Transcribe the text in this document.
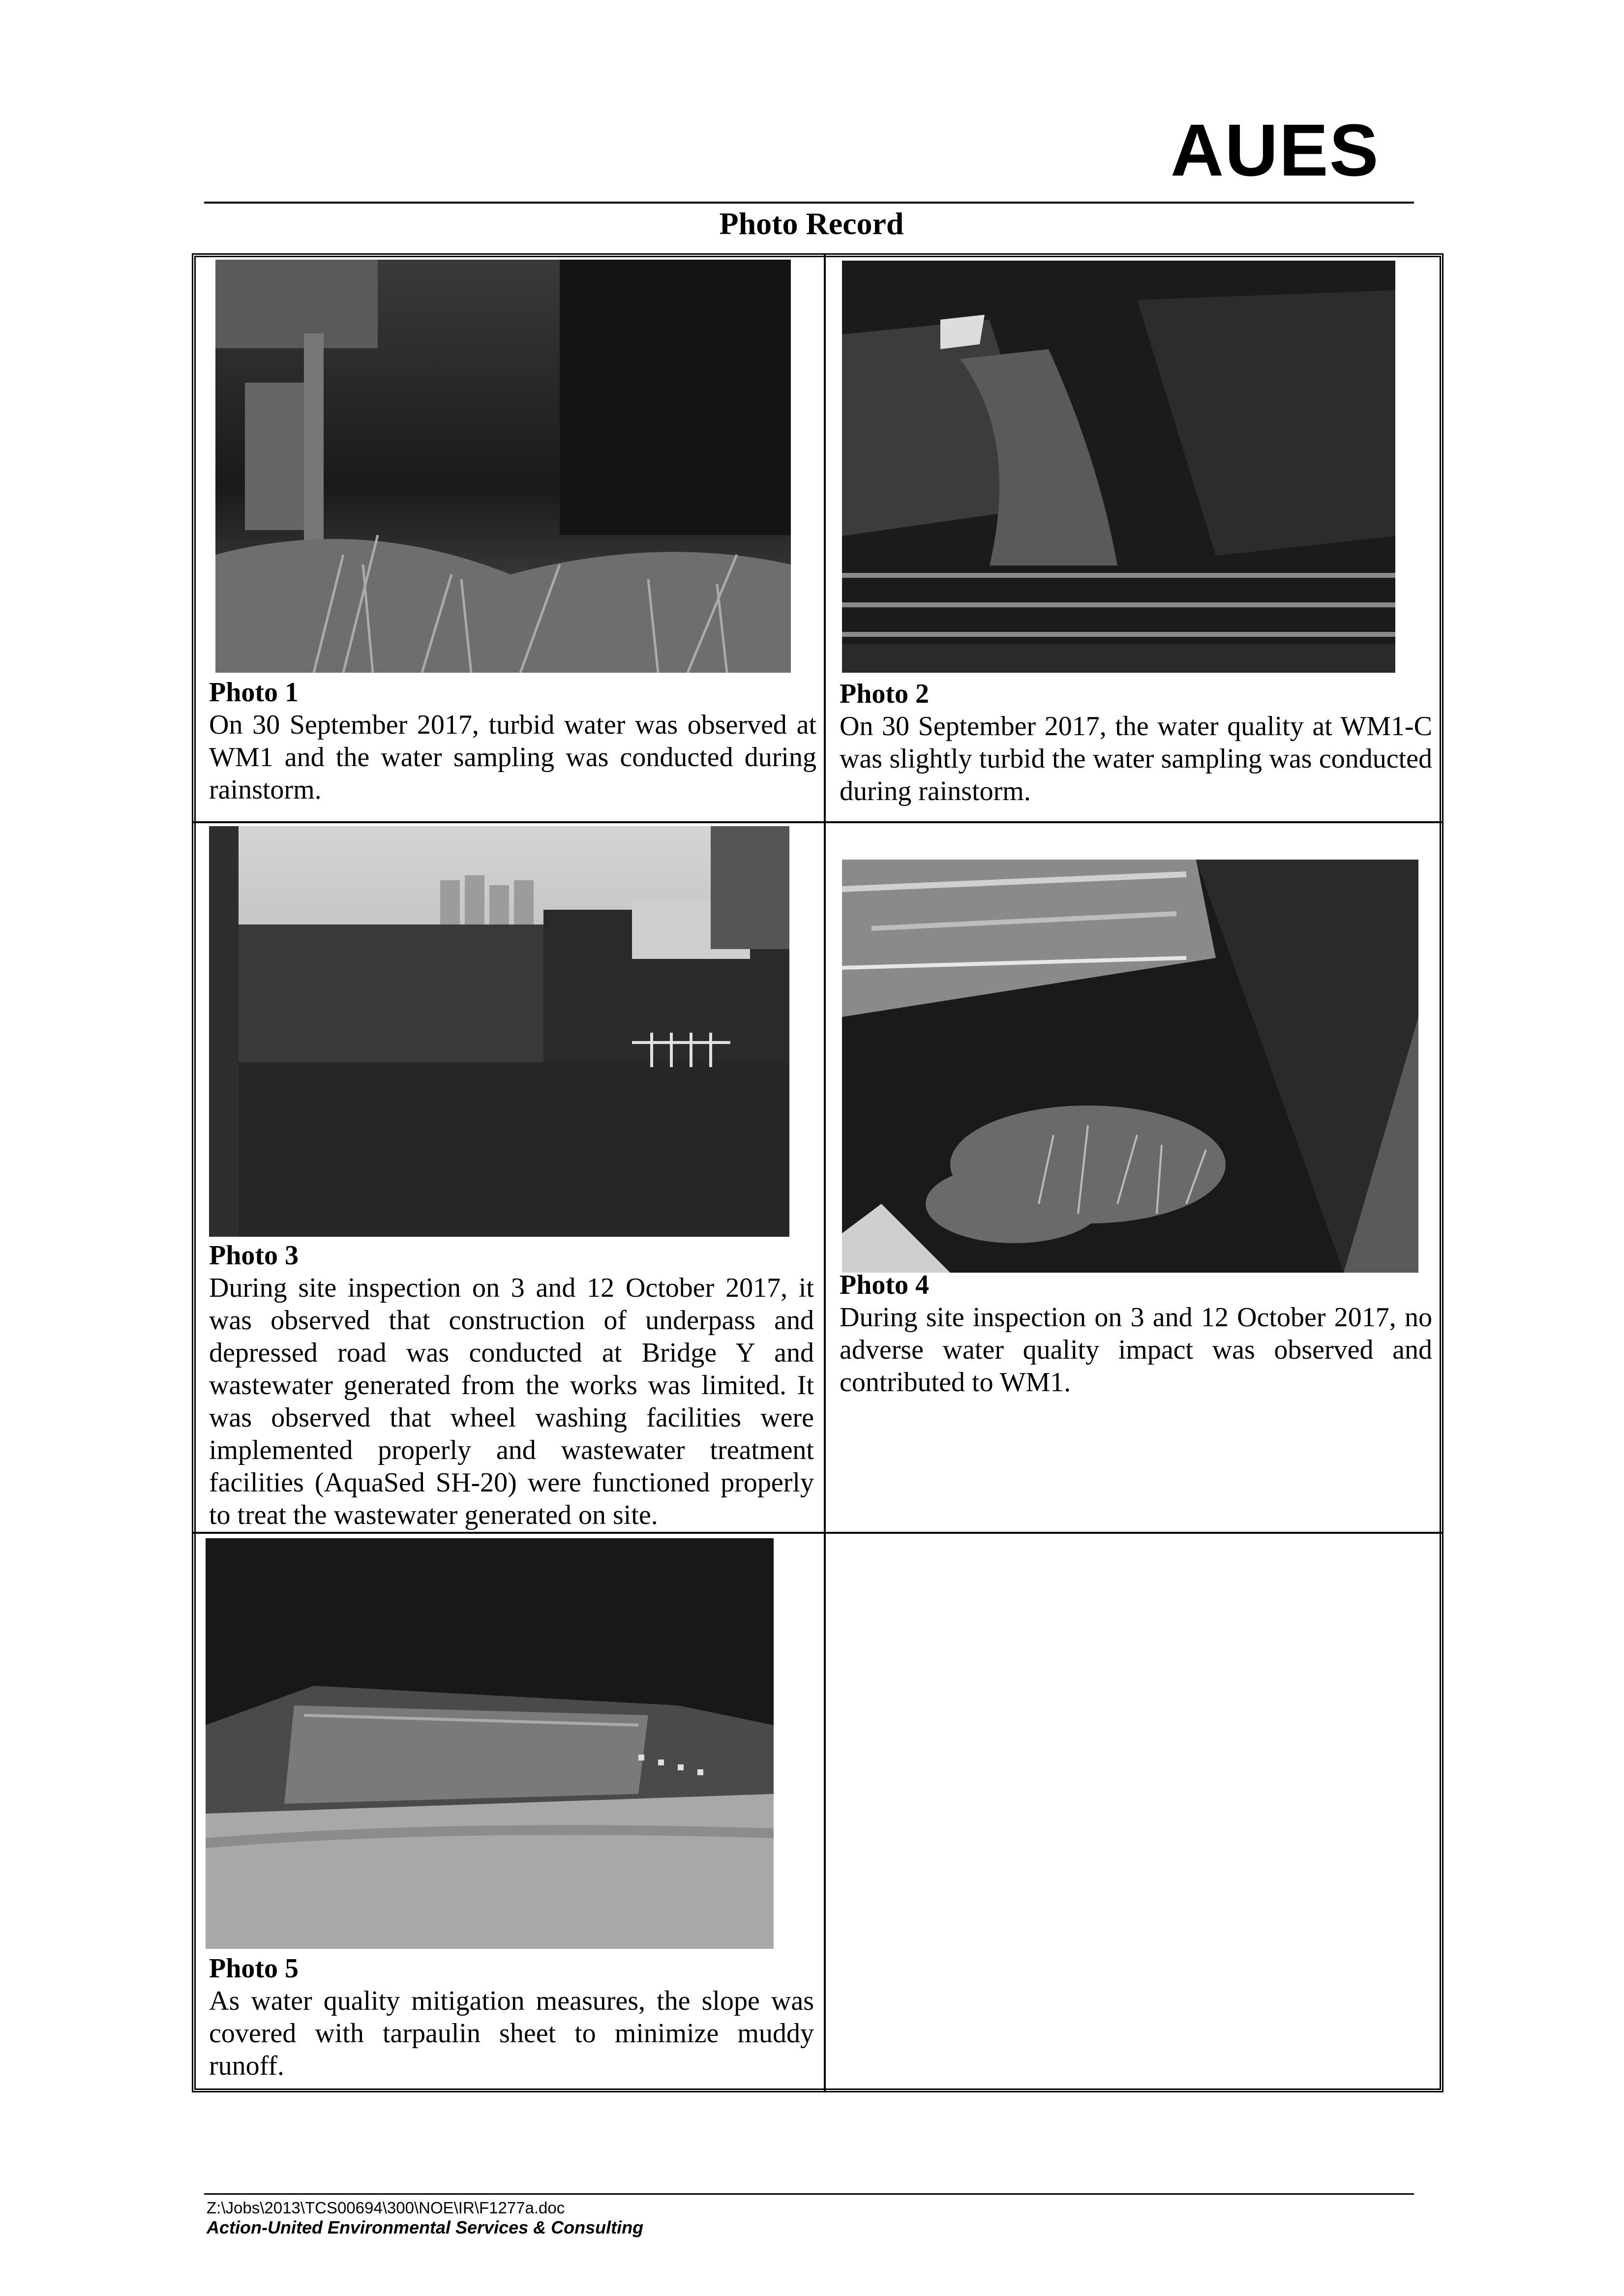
AUES
Photo Record
Photo 1
On 30 September 2017, turbid water was observed at WM1 and the water sampling was conducted during rainstorm.
Photo 2
On 30 September 2017, the water quality at WM1-C was slightly turbid the water sampling was conducted during rainstorm.
Photo 3
During site inspection on 3 and 12 October 2017, it was observed that construction of underpass and depressed road was conducted at Bridge Y and wastewater generated from the works was limited. It was observed that wheel washing facilities were implemented properly and wastewater treatment facilities (AquaSed SH-20) were functioned properly to treat the wastewater generated on site.
Photo 4
During site inspection on 3 and 12 October 2017, no adverse water quality impact was observed and contributed to WM1.
Photo 5
As water quality mitigation measures, the slope was covered with tarpaulin sheet to minimize muddy runoff.
Z:\Jobs\2013\TCS00694\300\NOE\IR\F1277a.doc
Action-United Environmental Services & Consulting
